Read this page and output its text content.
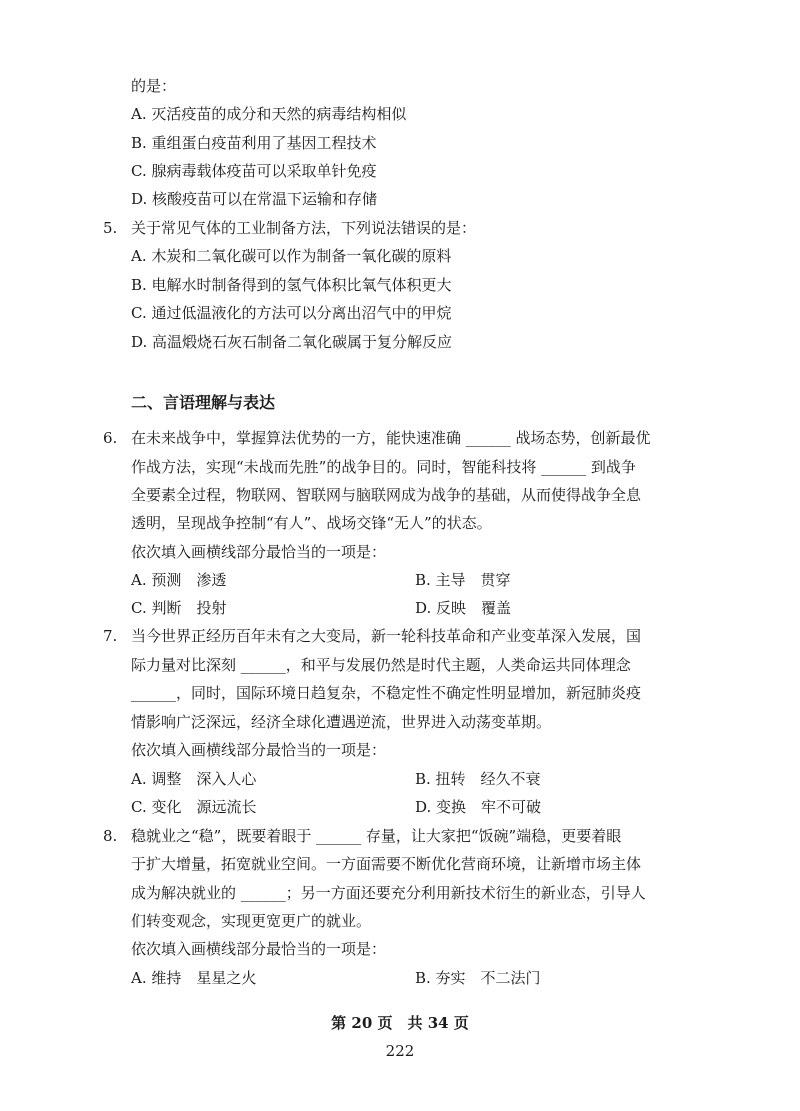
的是：
A. 灭活疫苗的成分和天然的病毒结构相似
B. 重组蛋白疫苗利用了基因工程技术
C. 腺病毒载体疫苗可以采取单针免疫
D. 核酸疫苗可以在常温下运输和存储
5. 关于常见气体的工业制备方法，下列说法错误的是：
A. 木炭和二氧化碳可以作为制备一氧化碳的原料
B. 电解水时制备得到的氢气体积比氧气体积更大
C. 通过低温液化的方法可以分离出沼气中的甲烷
D. 高温煅烧石灰石制备二氧化碳属于复分解反应
二、言语理解与表达
6. 在未来战争中，掌握算法优势的一方，能快速准确 ______ 战场态势，创新最优
作战方法，实现“未战而先胜”的战争目的。同时，智能科技将 ______ 到战争
全要素全过程，物联网、智联网与脑联网成为战争的基础，从而使得战争全息
透明，呈现战争控制“有人”、战场交锋“无人”的状态。
依次填入画横线部分最恰当的一项是：
A. 预测　渗透	B. 主导　贯穿
C. 判断　投射	D. 反映　覆盖
7. 当今世界正经历百年未有之大变局，新一轮科技革命和产业变革深入发展，国
际力量对比深刻 ______，和平与发展仍然是时代主题，人类命运共同体理念
______，同时，国际环境日趋复杂，不稳定性不确定性明显增加，新冠肺炎疫
情影响广泛深远，经济全球化遭遇逆流，世界进入动荡变革期。
依次填入画横线部分最恰当的一项是：
A. 调整　深入人心	B. 扭转　经久不衰
C. 变化　源远流长	D. 变换　牢不可破
8. 稳就业之“稳”，既要着眼于 ______ 存量，让大家把“饭碗”端稳，更要着眼
于扩大增量，拓宽就业空间。一方面需要不断优化营商环境，让新增市场主体
成为解决就业的 ______；另一方面还要充分利用新技术衍生的新业态，引导人
们转变观念，实现更宽更广的就业。
依次填入画横线部分最恰当的一项是：
A. 维持　星星之火	B. 夯实　不二法门
第 20 页　共 34 页
222
